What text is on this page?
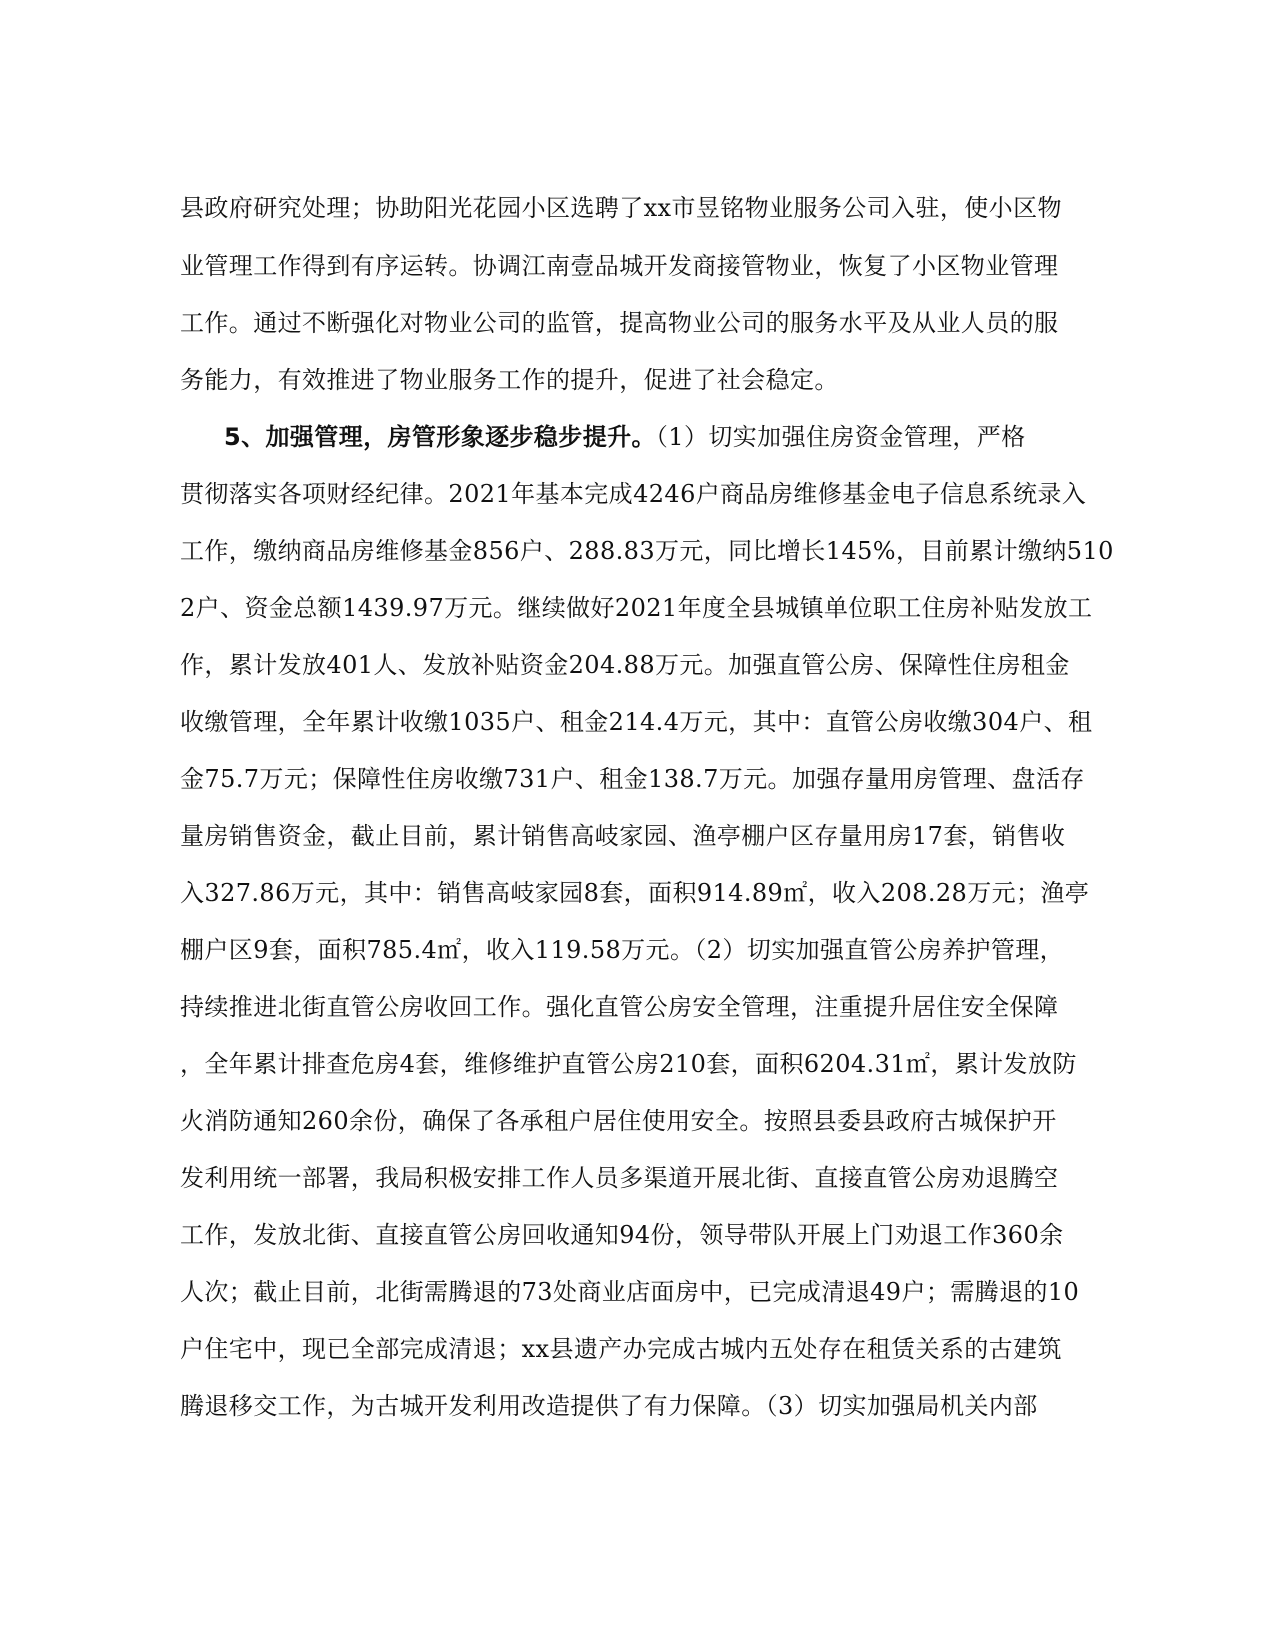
县政府研究处理；协助阳光花园小区选聘了xx市昱铭物业服务公司入驻，使小区物
业管理工作得到有序运转。协调江南壹品城开发商接管物业，恢复了小区物业管理
工作。通过不断强化对物业公司的监管，提高物业公司的服务水平及从业人员的服
务能力，有效推进了物业服务工作的提升，促进了社会稳定。
5、加强管理，房管形象逐步稳步提升。（1）切实加强住房资金管理，严格
贯彻落实各项财经纪律。2021年基本完成4246户商品房维修基金电子信息系统录入
工作，缴纳商品房维修基金856户、288.83万元，同比增长145%，目前累计缴纳510
2户、资金总额1439.97万元。继续做好2021年度全县城镇单位职工住房补贴发放工
作，累计发放401人、发放补贴资金204.88万元。加强直管公房、保障性住房租金
收缴管理，全年累计收缴1035户、租金214.4万元，其中：直管公房收缴304户、租
金75.7万元；保障性住房收缴731户、租金138.7万元。加强存量用房管理、盘活存
量房销售资金，截止目前，累计销售高岐家园、渔亭棚户区存量用房17套，销售收
入327.86万元，其中：销售高岐家园8套，面积914.89㎡，收入208.28万元；渔亭
棚户区9套，面积785.4㎡，收入119.58万元。（2）切实加强直管公房养护管理，
持续推进北街直管公房收回工作。强化直管公房安全管理，注重提升居住安全保障
，全年累计排查危房4套，维修维护直管公房210套，面积6204.31㎡，累计发放防
火消防通知260余份，确保了各承租户居住使用安全。按照县委县政府古城保护开
发利用统一部署，我局积极安排工作人员多渠道开展北街、直接直管公房劝退腾空
工作，发放北街、直接直管公房回收通知94份，领导带队开展上门劝退工作360余
人次；截止目前，北街需腾退的73处商业店面房中，已完成清退49户；需腾退的10
户住宅中，现已全部完成清退；xx县遗产办完成古城内五处存在租赁关系的古建筑
腾退移交工作，为古城开发利用改造提供了有力保障。（3）切实加强局机关内部
